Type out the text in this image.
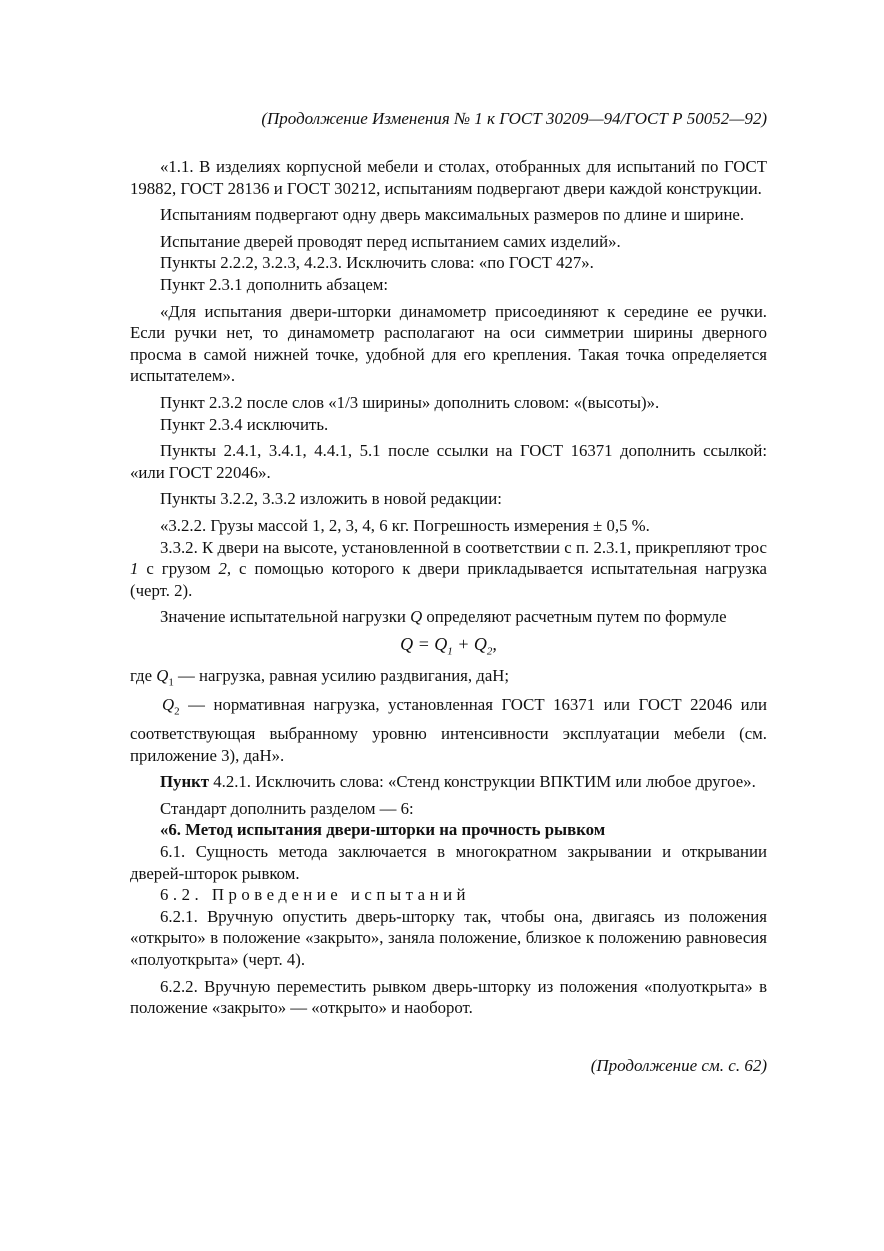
(Продолжение Изменения № 1 к ГОСТ 30209—94/ГОСТ Р 50052—92)

«1.1. В изделиях корпусной мебели и столах, отобранных для испытаний по ГОСТ 19882, ГОСТ 28136 и ГОСТ 30212, испытаниям подвергают двери каждой конструкции.

Испытаниям подвергают одну дверь максимальных размеров по длине и ширине.

Испытание дверей проводят перед испытанием самих изделий».

Пункты 2.2.2, 3.2.3, 4.2.3. Исключить слова: «по ГОСТ 427».

Пункт 2.3.1 дополнить абзацем:

«Для испытания двери-шторки динамометр присоединяют к середине ее ручки. Если ручки нет, то динамометр располагают на оси симметрии ширины дверного просма в самой нижней точке, удобной для его крепления. Такая точка определяется испытателем».

Пункт 2.3.2 после слов «1/3 ширины» дополнить словом: «(высоты)».

Пункт 2.3.4 исключить.

Пункты 2.4.1, 3.4.1, 4.4.1, 5.1 после ссылки на ГОСТ 16371 дополнить ссылкой: «или ГОСТ 22046».

Пункты 3.2.2, 3.3.2 изложить в новой редакции:

«3.2.2. Грузы массой 1, 2, 3, 4, 6 кг. Погрешность измерения ± 0,5 %.

3.3.2. К двери на высоте, установленной в соответствии с п. 2.3.1, прикрепляют трос 1 с грузом 2, с помощью которого к двери прикладывается испытательная нагрузка (черт. 2).

Значение испытательной нагрузки Q определяют расчетным путем по формуле

$Q = Q_1 + Q_2$,

где $Q_1$ — нагрузка, равная усилию раздвигания, даН;

$Q_2$ — нормативная нагрузка, установленная ГОСТ 16371 или ГОСТ 22046 или соответствующая выбранному уровню интенсивности эксплуатации мебели (см. приложение 3), даН».

Пункт 4.2.1. Исключить слова: «Стенд конструкции ВПКТИМ или любое другое».

Стандарт дополнить разделом — 6:

«6. Метод испытания двери-шторки на прочность рывком

6.1. Сущность метода заключается в многократном закрывании и открывании дверей-шторок рывком.

6.2. Проведение испытаний

6.2.1. Вручную опустить дверь-шторку так, чтобы она, двигаясь из положения «открыто» в положение «закрыто», заняла положение, близкое к положению равновесия «полуоткрыта» (черт. 4).

6.2.2. Вручную переместить рывком дверь-шторку из положения «полуоткрыта» в положение «закрыто» — «открыто» и наоборот.

(Продолжение см. с. 62)
